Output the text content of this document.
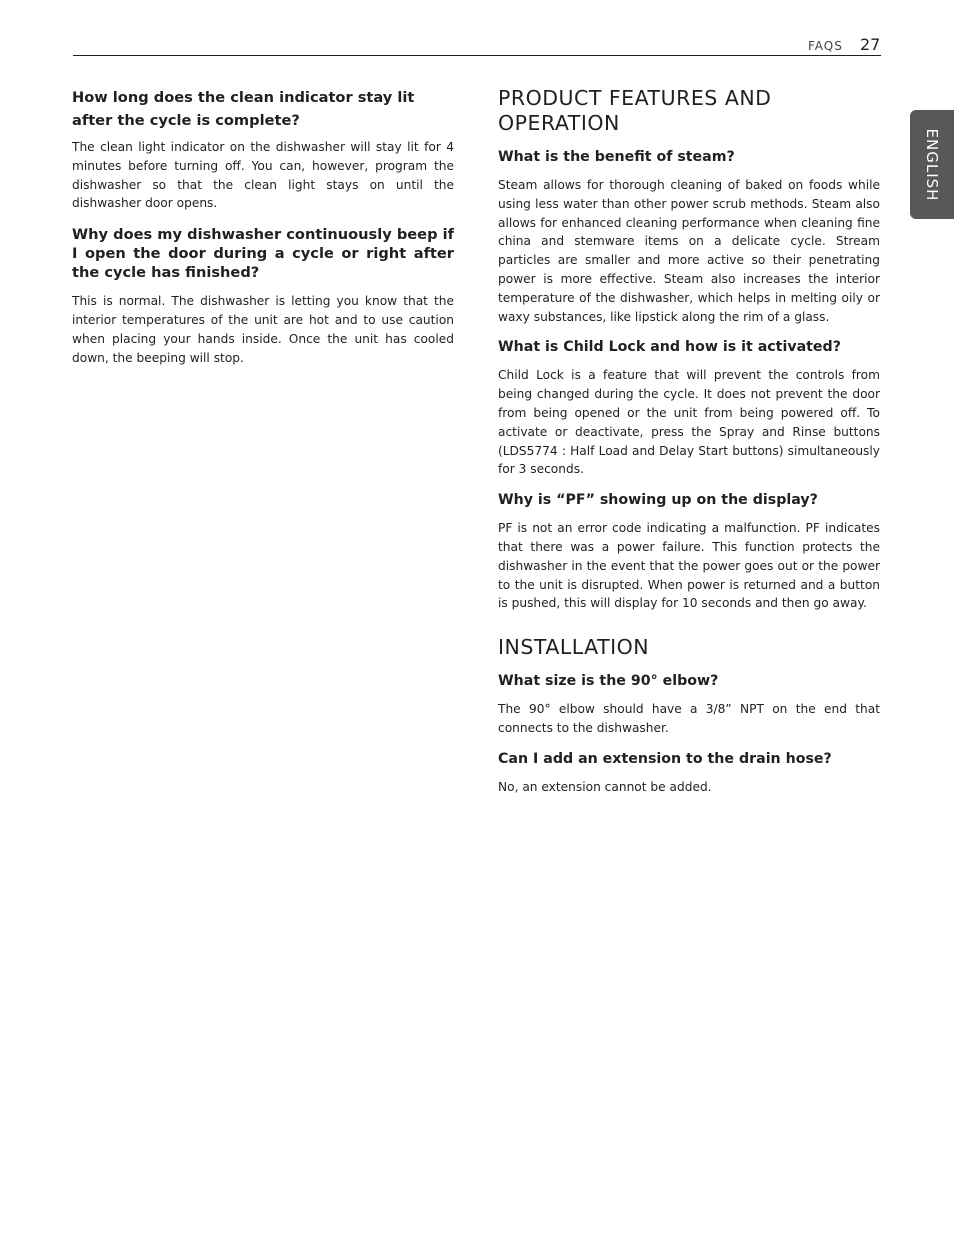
FAQS 27
ENGLISH

How long does the clean indicator stay lit after the cycle is complete?

The clean light indicator on the dishwasher will stay lit for 4 minutes before turning off. You can, however, program the dishwasher so that the clean light stays on until the dishwasher door opens.

Why does my dishwasher continuously beep if I open the door during a cycle or right after the cycle has finished?

This is normal. The dishwasher is letting you know that the interior temperatures of the unit are hot and to use caution when placing your hands inside. Once the unit has cooled down, the beeping will stop.

PRODUCT FEATURES AND OPERATION

What is the benefit of steam?

Steam allows for thorough cleaning of baked on foods while using less water than other power scrub methods. Steam also allows for enhanced cleaning performance when cleaning fine china and stemware items on a delicate cycle. Stream particles are smaller and more active so their penetrating power is more effective. Steam also increases the interior temperature of the dishwasher, which helps in melting oily or waxy substances, like lipstick along the rim of a glass.

What is Child Lock and how is it activated?

Child Lock is a feature that will prevent the controls from being changed during the cycle. It does not prevent the door from being opened or the unit from being powered off. To activate or deactivate, press the Spray and Rinse buttons (LDS5774 : Half Load and Delay Start buttons) simultaneously for 3 seconds.

Why is “PF” showing up on the display?

PF is not an error code indicating a malfunction. PF indicates that there was a power failure. This function protects the dishwasher in the event that the power goes out or the power to the unit is disrupted. When power is returned and a button is pushed, this will display for 10 seconds and then go away.

INSTALLATION

What size is the 90° elbow?

The 90° elbow should have a 3/8” NPT on the end that connects to the dishwasher.

Can I add an extension to the drain hose?

No, an extension cannot be added.
